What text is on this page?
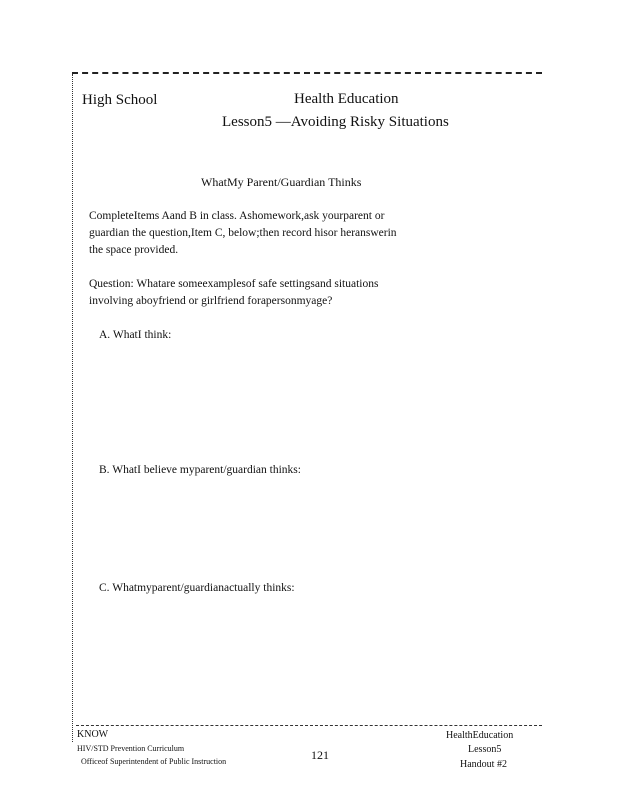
High School	Health Education
Lesson5 —Avoiding Risky Situations
WhatMy Parent/Guardian Thinks
CompleteItems Aand B in class. Ashomework,ask yourparent or
guardian the question,Item C, below;then record hisor heranswerin
the space provided.
Question: Whatare someexamplesof safe settingsand situations
involving aboyfriend or girlfriend forapersonmyage?
A. WhatI think:
B. WhatI believe myparent/guardian thinks:
C. Whatmyparent/guardianactually thinks:
KNOW
HIV/STD Prevention Curriculum
Officeof Superintendent of Public Instruction	121
HealthEducation
Lesson5
Handout #2
